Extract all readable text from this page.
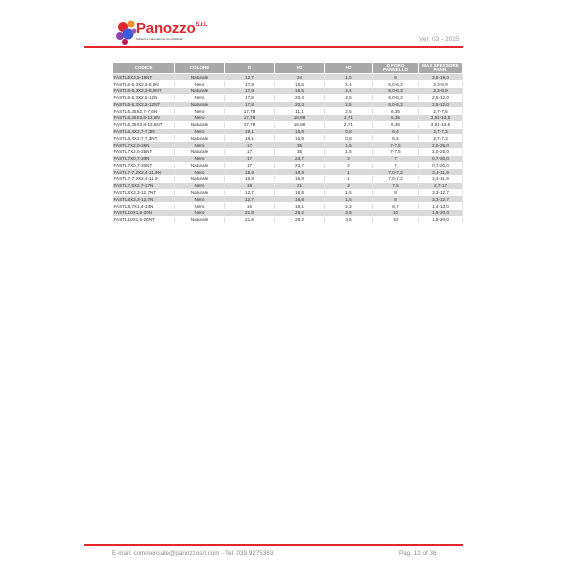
Panozzo$^{S.r.l.}$
Sistemi e materiali per la pubblicità	Ver. 02 - 2025
CODICE	COLORE	D	H1	H2	D FORO PANNELLO	MAX SPESSORE PANN.
FASTL6X3,5-19NT	Naturale	12,7	24	1,5	6	3,5-19,0
FASTL6-6,3X2,3-8,9N	Nero	17,8	15,5	2,4	6,0-6,3	2,3-8,9
FASTL6-6,3X2,3-8,9NT	Naturale	17,8	15,5	2,4	6,0-6,3	2,3-8,9
FASTL6-6,3X2,5-12N	Nero	17,8	20,4	2,5	6,0-6,3	2,5-12,0
FASTL6-6,3X2,5-12NT	Naturale	17,8	20,4	2,5	6,0-6,3	2,5-12,0
FASTL6,35X2,7-7,6N	Nero	17,78	11,1	2,5	6,35	2,7-7,6
FASTL6,35X3,8-13,5N	Nero	17,78	18,88	2,71	6,35	3,81-13,5
FASTL6,35X3,8-13,5NT	Naturale	17,78	18,88	2,71	6,35	3,81-13,5
FASTL6,4X2,7-7,3N	Nero	19,1	15,9	0,8	6,4	2,7-7,3
FASTL6,4X2,7-7,3NT	Naturale	19,1	15,9	0,8	6,4	2,7-7,3
FASTL7X2,0-25N	Nero	17	35	1,5	7-7,5	2,0-25,0
FASTL7X2,0-25NT	Naturale	17	35	1,5	7-7,5	2,0-25,0
FASTL7X0,7-20N	Nero	17	23,7	2	7	0,7-20,0
FASTL7X0,7-20NT	Naturale	17	23,7	2	7	0,7-20,0
FASTL7-7,2X2,4-11,9N	Nero	15,9	18,9	1	7,0-7,2	2,4-11,9
FASTL7-7,2X2,4-11,9	Naturale	15,9	18,9	1	7,0-7,2	2,4-11,9
FASTL7,5X2,7-17N	Nero	19	21	2	7,5	2,7-17
FASTL8X3,3-12,7NT	Naturale	12,7	16,8	1,5	8	3,3-12,7
FASTL8X3,3-12,7N	Nero	12,7	16,8	1,5	8	3,3-12,7
FASTL8,7X1,4-13N	Nero	16	19,1	2,3	8,7	1,4-13,0
FASTL10X1,5-20N	Nero	21,8	28,2	3,5	10	1,5-20,0
FASTL10X1,5-20NT	Naturale	21,8	28,2	3,5	10	1,5-20,0
E-mail: commerciale@panozzosrl.com - Tel. 039.9275363	Pag. 12 of 36
